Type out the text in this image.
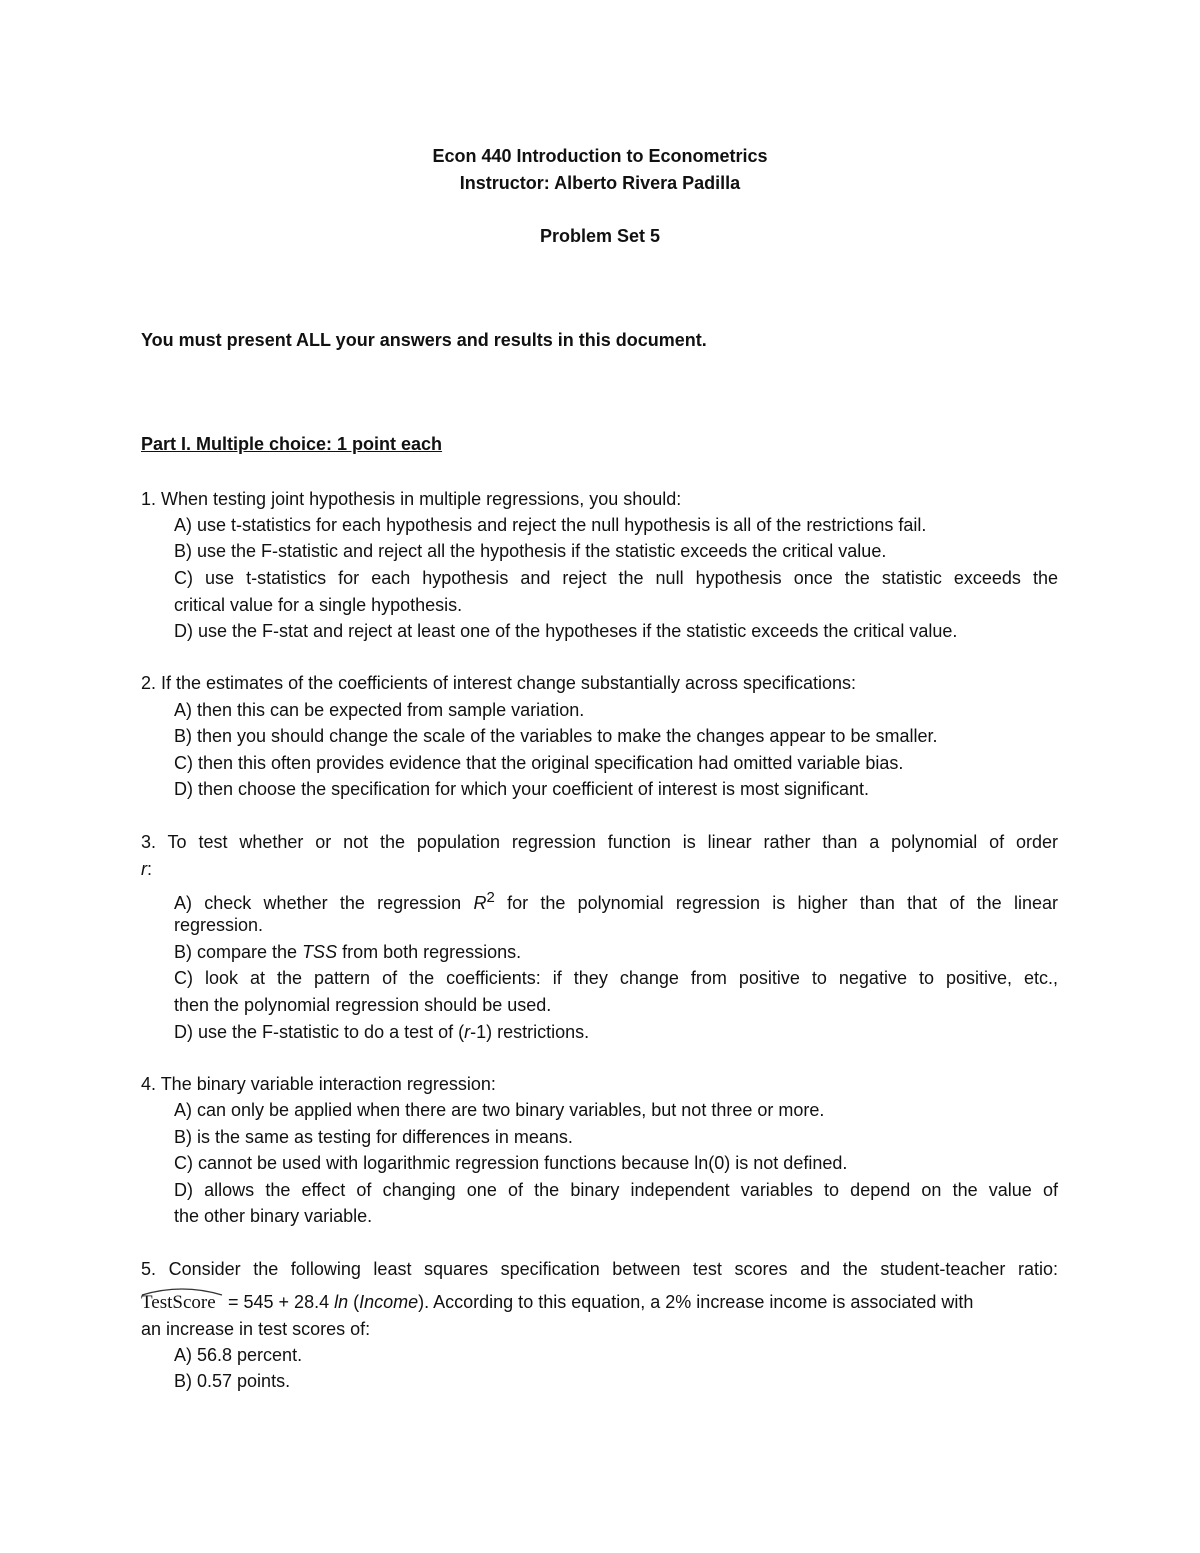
Econ 440 Introduction to Econometrics
Instructor: Alberto Rivera Padilla
Problem Set 5
You must present ALL your answers and results in this document.
Part I. Multiple choice: 1 point each
1. When testing joint hypothesis in multiple regressions, you should:
A) use t-statistics for each hypothesis and reject the null hypothesis is all of the restrictions fail.
B) use the F-statistic and reject all the hypothesis if the statistic exceeds the critical value.
C) use t-statistics for each hypothesis and reject the null hypothesis once the statistic exceeds the
critical value for a single hypothesis.
D) use the F-stat and reject at least one of the hypotheses if the statistic exceeds the critical value.
2. If the estimates of the coefficients of interest change substantially across specifications:
A) then this can be expected from sample variation.
B) then you should change the scale of the variables to make the changes appear to be smaller.
C) then this often provides evidence that the original specification had omitted variable bias.
D) then choose the specification for which your coefficient of interest is most significant.
3. To test whether or not the population regression function is linear rather than a polynomial of order
r:
A) check whether the regression $R^2$ for the polynomial regression is higher than that of the linear
regression.
B) compare the TSS from both regressions.
C) look at the pattern of the coefficients: if they change from positive to negative to positive, etc.,
then the polynomial regression should be used.
D) use the F-statistic to do a test of (r-1) restrictions.
4. The binary variable interaction regression:
A) can only be applied when there are two binary variables, but not three or more.
B) is the same as testing for differences in means.
C) cannot be used with logarithmic regression functions because ln(0) is not defined.
D) allows the effect of changing one of the binary independent variables to depend on the value of
the other binary variable.
5. Consider the following least squares specification between test scores and the student-teacher ratio:
TestScore = 545 + 28.4 ln (Income). According to this equation, a 2% increase income is associated with
an increase in test scores of:
A) 56.8 percent.
B) 0.57 points.
